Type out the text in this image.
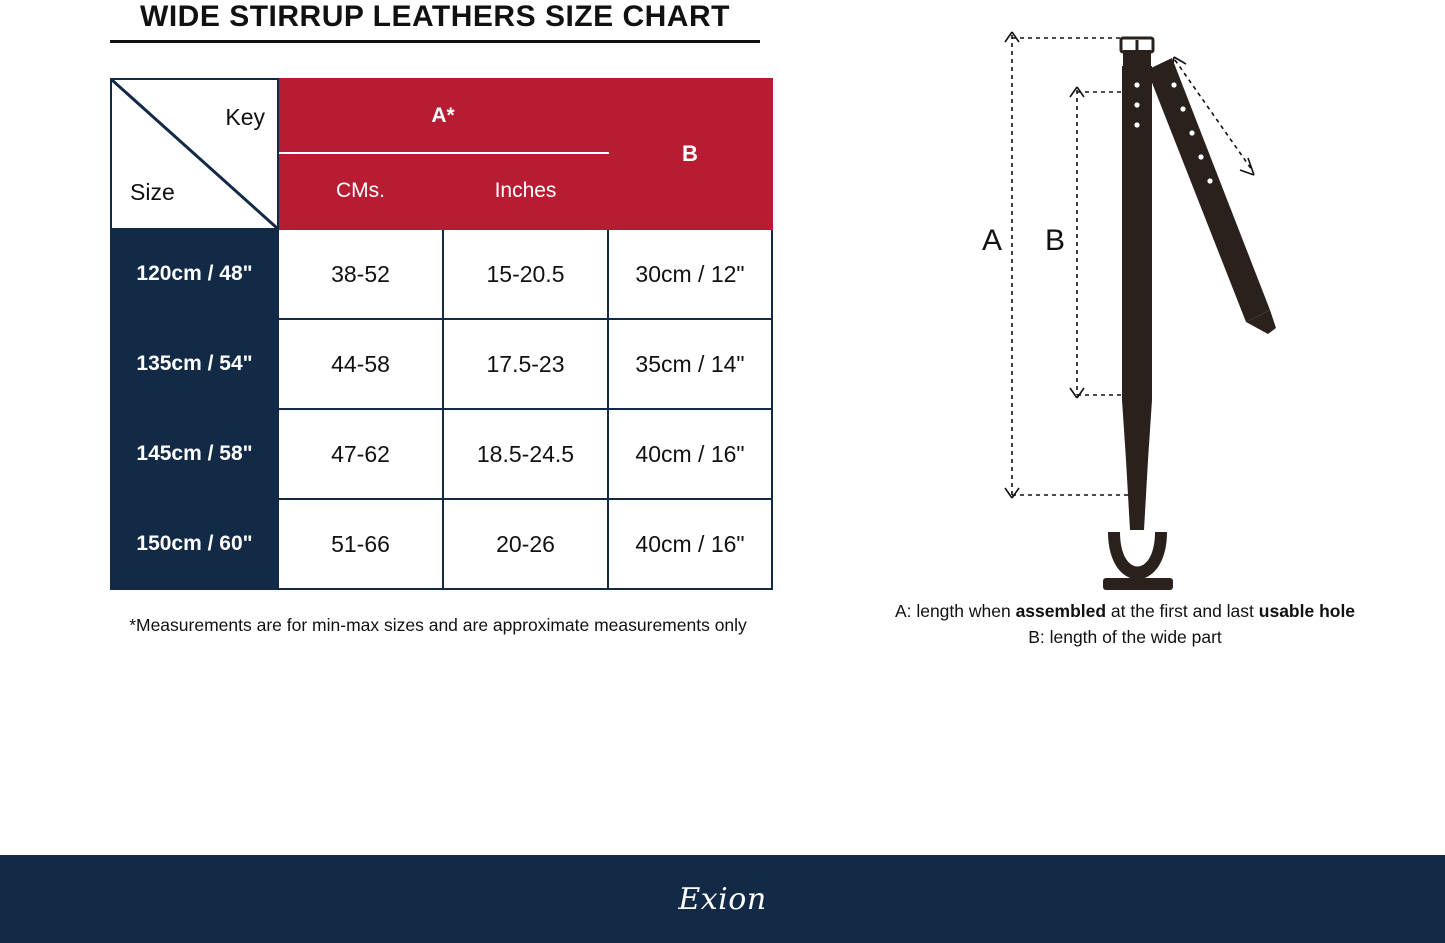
WIDE STIRRUP LEATHERS SIZE CHART
Key
Size	A*		B
	CMs.	Inches	
120cm / 48"	38-52	15-20.5	30cm / 12"
135cm / 54"	44-58	17.5-23	35cm / 14"
145cm / 58"	47-62	18.5-24.5	40cm / 16"
150cm / 60"	51-66	20-26	40cm / 16"
*Measurements are for min-max sizes and are approximate measurements only
A B
A: length when assembled at the first and last usable hole
B: length of the wide part
Exion
